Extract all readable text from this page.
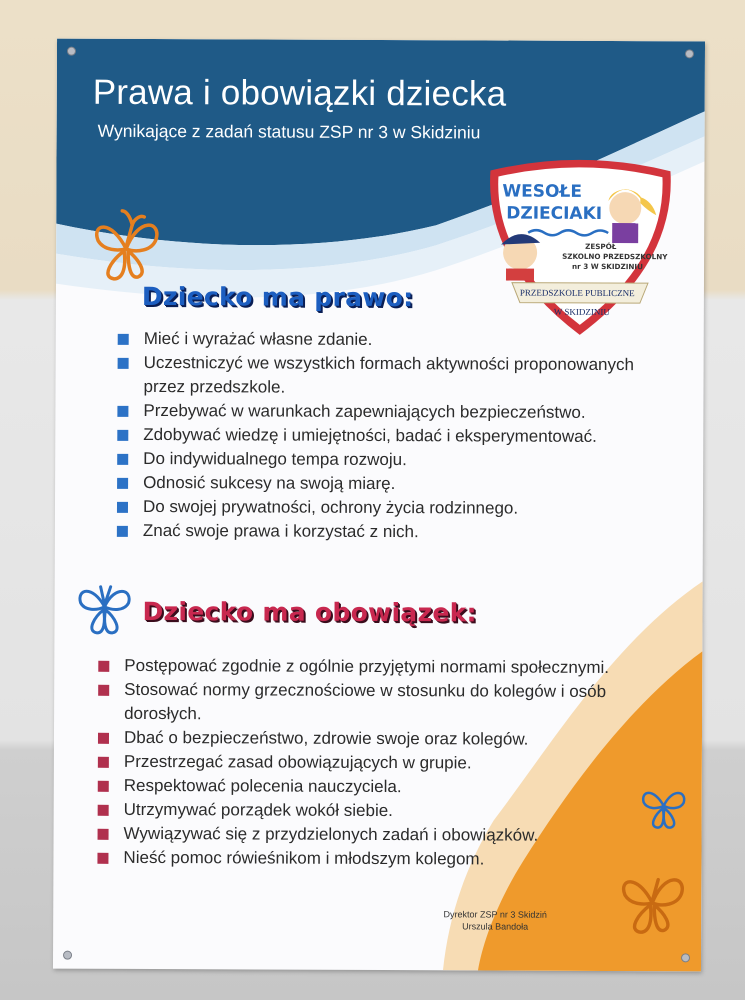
Prawa i obowiązki dziecka

Wynikające z zadań statusu ZSP nr 3 w Skidziniu

WESOŁE
DZIECIAKI
ZESPÓŁ
SZKOLNO PRZEDSZKOLNY
nr 3 W SKIDZINIU
PRZEDSZKOLE PUBLICZNE
W SKIDZINIU
Dziecko ma prawo:
Mieć i wyrażać własne zdanie.
Uczestniczyć we wszystkich formach aktywności proponowanych przez przedszkole.
Przebywać w warunkach zapewniających bezpieczeństwo.
Zdobywać wiedzę i umiejętności, badać i eksperymentować.
Do indywidualnego tempa rozwoju.
Odnosić sukcesy na swoją miarę.
Do swojej prywatności, ochrony życia rodzinnego.
Znać swoje prawa i korzystać z nich.
Dziecko ma obowiązek:
Postępować zgodnie z ogólnie przyjętymi normami społecznymi.
Stosować normy grzecznościowe w stosunku do kolegów i osób dorosłych.
Dbać o bezpieczeństwo, zdrowie swoje oraz kolegów.
Przestrzegać zasad obowiązujących w grupie.
Respektować polecenia nauczyciela.
Utrzymywać porządek wokół siebie.
Wywiązywać się z przydzielonych zadań i obowiązków.
Nieść pomoc rówieśnikom i młodszym kolegom.
Dyrektor ZSP nr 3 Skidziń
Urszula Bandoła
